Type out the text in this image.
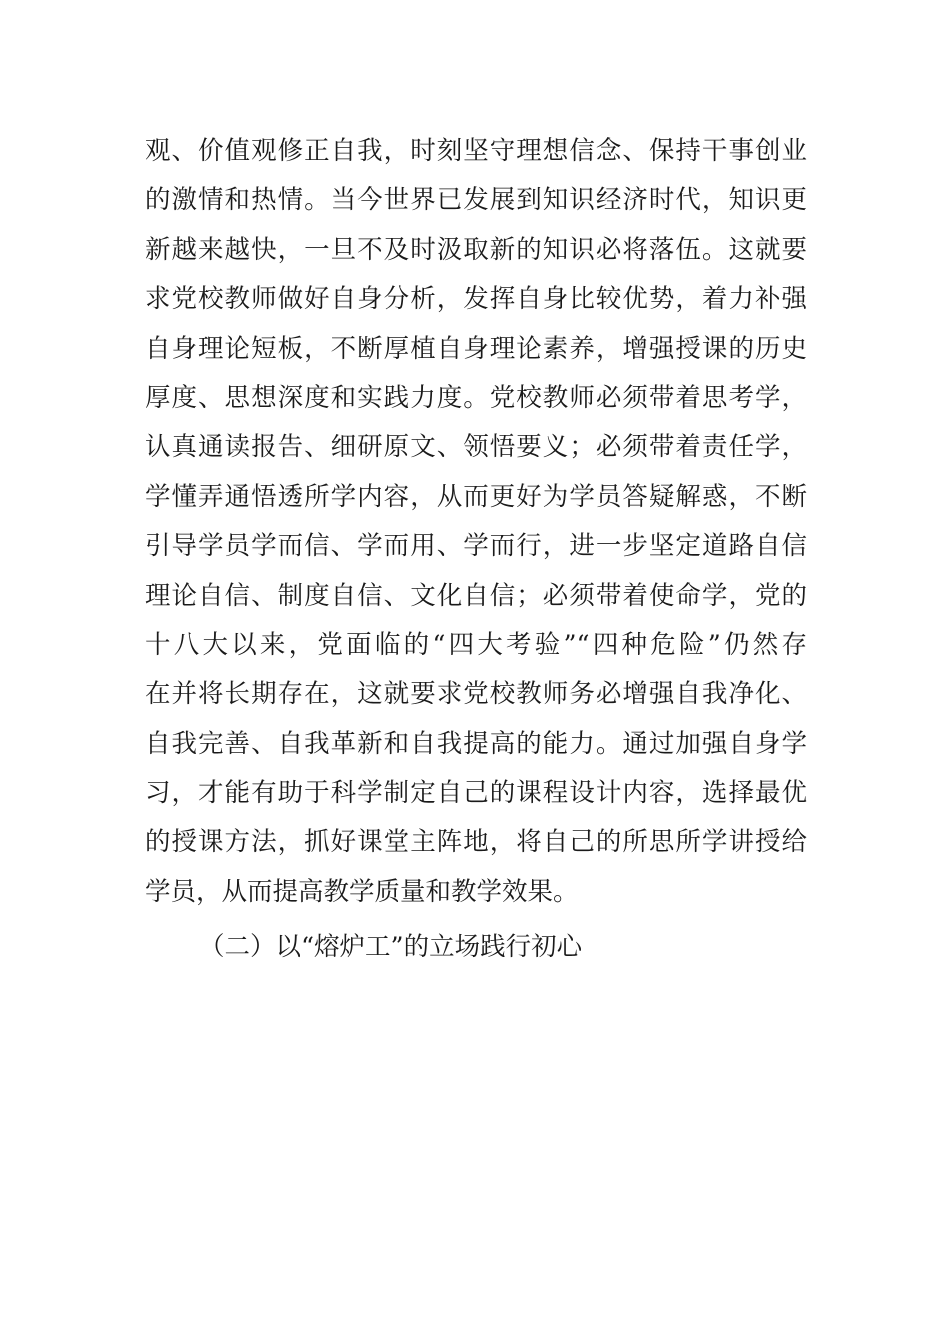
观、价值观修正自我，时刻坚守理想信念、保持干事创业
的激情和热情。当今世界已发展到知识经济时代，知识更
新越来越快，一旦不及时汲取新的知识必将落伍。这就要
求党校教师做好自身分析，发挥自身比较优势，着力补强
自身理论短板，不断厚植自身理论素养，增强授课的历史
厚度、思想深度和实践力度。党校教师必须带着思考学，
认真通读报告、细研原文、领悟要义；必须带着责任学，
学懂弄通悟透所学内容，从而更好为学员答疑解惑，不断
引导学员学而信、学而用、学而行，进一步坚定道路自信
理论自信、制度自信、文化自信；必须带着使命学，党的
十八大以来，党面临的“四大考验”“四种危险”仍然存
在并将长期存在，这就要求党校教师务必增强自我净化、
自我完善、自我革新和自我提高的能力。通过加强自身学
习，才能有助于科学制定自己的课程设计内容，选择最优
的授课方法，抓好课堂主阵地，将自己的所思所学讲授给
学员，从而提高教学质量和教学效果。

（二）以“熔炉工”的立场践行初心
